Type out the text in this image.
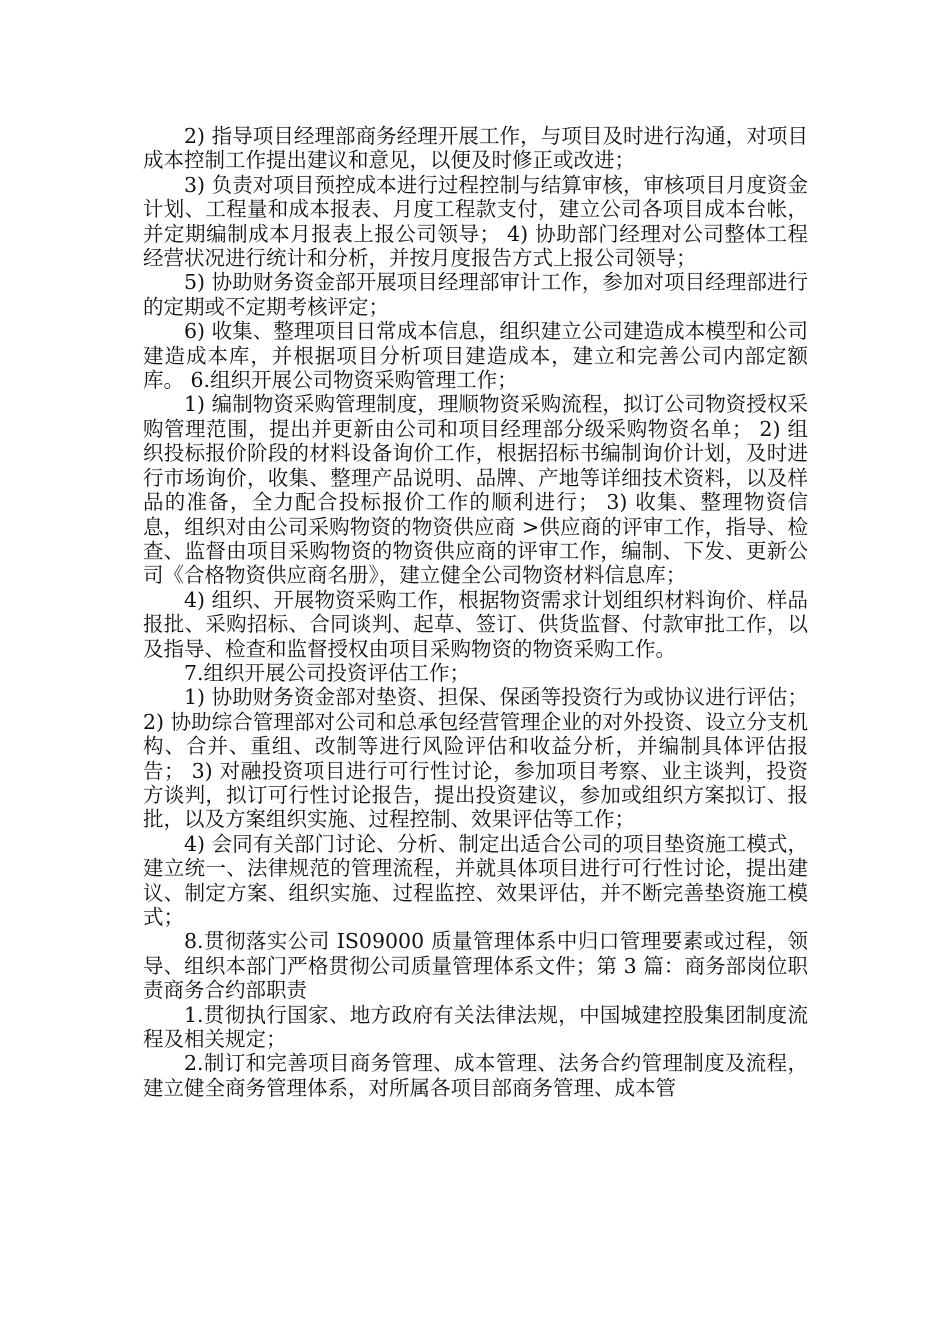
2) 指导项目经理部商务经理开展工作，与项目及时进行沟通，对项目成本控制工作提出建议和意见，以便及时修正或改进；

3) 负责对项目预控成本进行过程控制与结算审核，审核项目月度资金计划、工程量和成本报表、月度工程款支付，建立公司各项目成本台帐，并定期编制成本月报表上报公司领导； 4) 协助部门经理对公司整体工程经营状况进行统计和分析，并按月度报告方式上报公司领导；

5) 协助财务资金部开展项目经理部审计工作，参加对项目经理部进行的定期或不定期考核评定；

6) 收集、整理项目日常成本信息，组织建立公司建造成本模型和公司建造成本库，并根据项目分析项目建造成本，建立和完善公司内部定额库。 6.组织开展公司物资采购管理工作；

1) 编制物资采购管理制度，理顺物资采购流程，拟订公司物资授权采购管理范围，提出并更新由公司和项目经理部分级采购物资名单； 2) 组织投标报价阶段的材料设备询价工作，根据招标书编制询价计划，及时进行市场询价，收集、整理产品说明、品牌、产地等详细技术资料，以及样品的准备，全力配合投标报价工作的顺利进行； 3) 收集、整理物资信息，组织对由公司采购物资的物资供应商 >供应商的评审工作，指导、检查、监督由项目采购物资的物资供应商的评审工作，编制、下发、更新公司《合格物资供应商名册》，建立健全公司物资材料信息库；

4) 组织、开展物资采购工作，根据物资需求计划组织材料询价、样品报批、采购招标、合同谈判、起草、签订、供货监督、付款审批工作，以及指导、检查和监督授权由项目采购物资的物资采购工作。

7.组织开展公司投资评估工作；

1) 协助财务资金部对垫资、担保、保函等投资行为或协议进行评估； 2) 协助综合管理部对公司和总承包经营管理企业的对外投资、设立分支机构、合并、重组、改制等进行风险评估和收益分析，并编制具体评估报告； 3) 对融投资项目进行可行性讨论，参加项目考察、业主谈判，投资方谈判，拟订可行性讨论报告，提出投资建议，参加或组织方案拟订、报批，以及方案组织实施、过程控制、效果评估等工作；

4) 会同有关部门讨论、分析、制定出适合公司的项目垫资施工模式，建立统一、法律规范的管理流程，并就具体项目进行可行性讨论，提出建议、制定方案、组织实施、过程监控、效果评估，并不断完善垫资施工模式；

8.贯彻落实公司 IS09000 质量管理体系中归口管理要素或过程，领导、组织本部门严格贯彻公司质量管理体系文件；第 3 篇：商务部岗位职责商务合约部职责

1.贯彻执行国家、地方政府有关法律法规，中国城建控股集团制度流程及相关规定；

2.制订和完善项目商务管理、成本管理、法务合约管理制度及流程，建立健全商务管理体系，对所属各项目部商务管理、成本管
